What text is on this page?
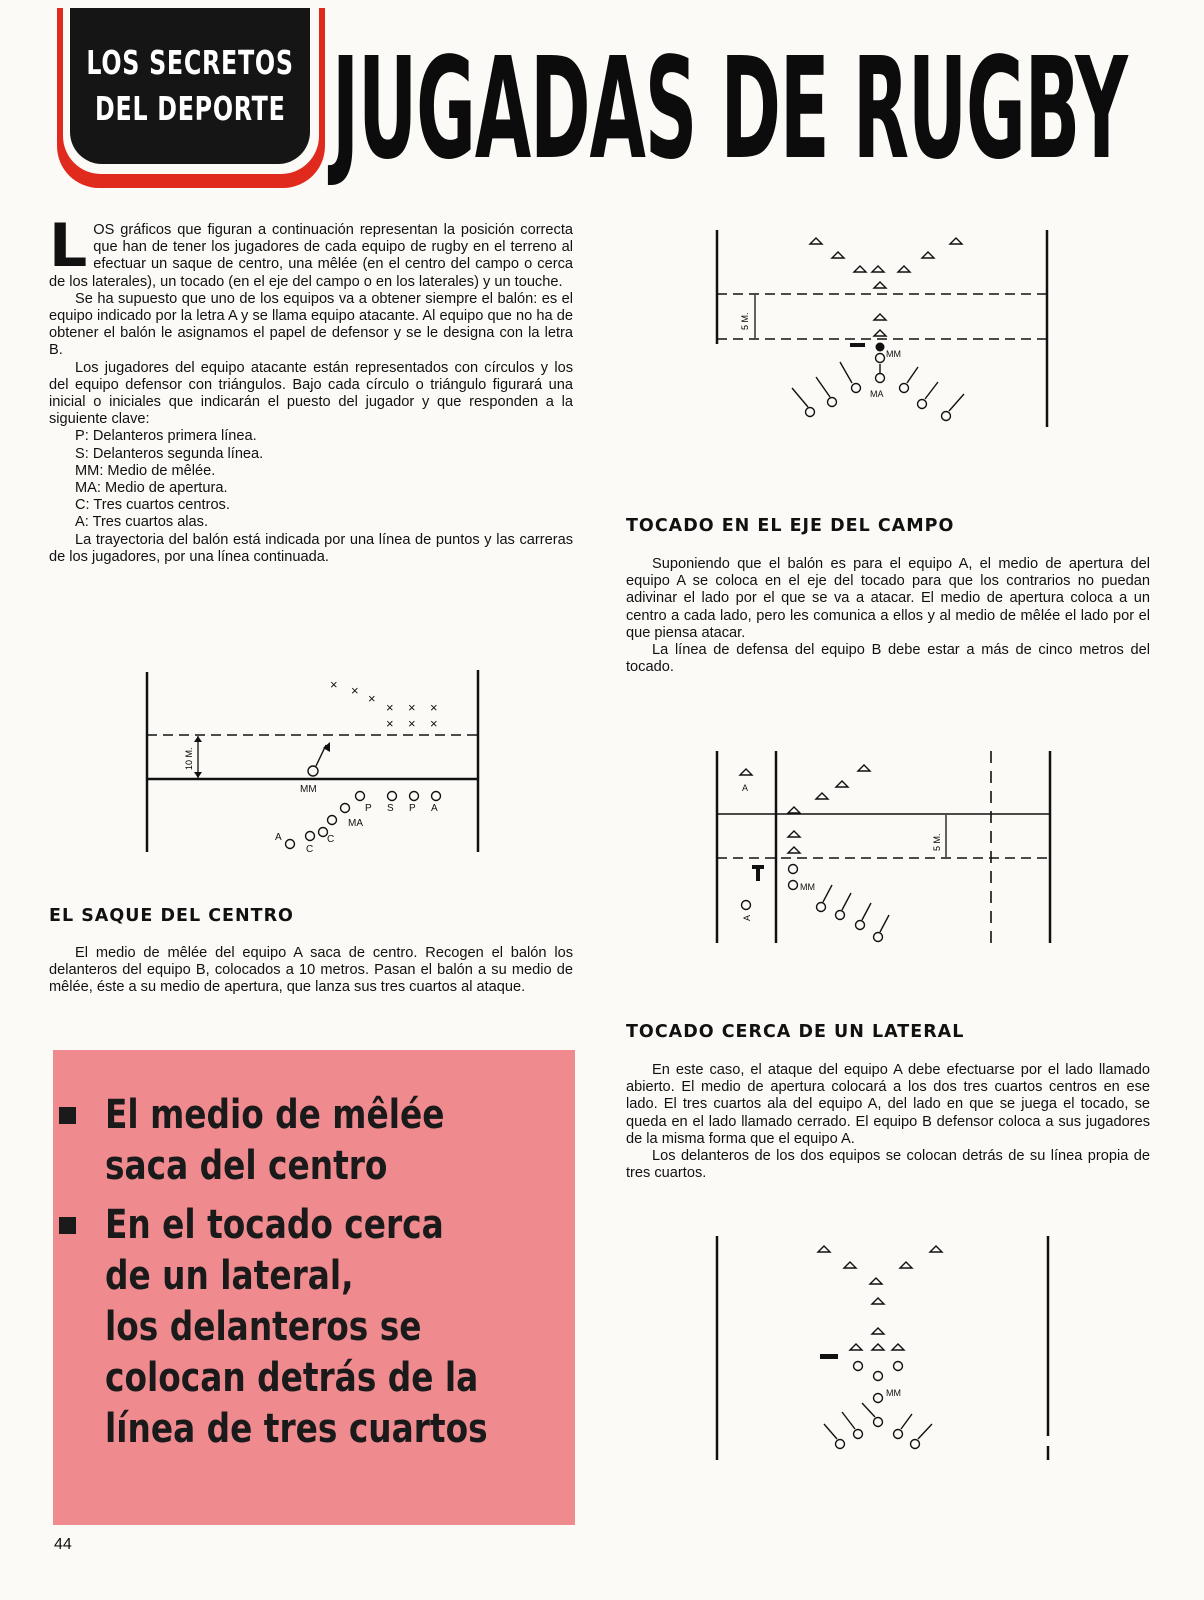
LOS SECRETOS
DEL DEPORTE JUGADAS DE RUGBY
L OS gráficos que figuran a continuación representan la posición correcta que han de tener los jugadores de cada equipo de rugby en el terreno al efectuar un saque de centro, una mêlée (en el centro del campo o cerca de los laterales), un tocado (en el eje del campo o en los laterales) y un touche.

Se ha supuesto que uno de los equipos va a obtener siempre el balón: es el equipo indicado por la letra A y se llama equipo atacante. Al equipo que no ha de obtener el balón le asignamos el papel de defensor y se le designa con la letra B.

Los jugadores del equipo atacante están representados con círculos y los del equipo defensor con triángulos. Bajo cada círculo o triángulo figurará una inicial o iniciales que indicarán el puesto del jugador y que responden a la siguiente clave:

P: Delanteros primera línea.

S: Delanteros segunda línea.

MM: Medio de mêlée.

MA: Medio de apertura.

C: Tres cuartos centros.

A: Tres cuartos alas.

La trayectoria del balón está indicada por una línea de puntos y las carreras de los jugadores, por una línea continuada.

10 M.
× ×
×
× × ×
× × ×
MM
P S P A
MA
A
C
C
EL SAQUE DEL CENTRO

El medio de mêlée del equipo A saca de centro. Recogen el balón los delanteros del equipo B, colocados a 10 metros. Pasan el balón a su medio de mêlée, éste a su medio de apertura, que lanza sus tres cuartos al ataque.

El medio de mêlée
saca del centro
En el tocado cerca
de un lateral,
los delanteros se
colocan detrás de la
línea de tres cuartos
44
5 M.
MM
MA
TOCADO EN EL EJE DEL CAMPO

Suponiendo que el balón es para el equipo A, el medio de apertura del equipo A se coloca en el eje del tocado para que los contrarios no puedan adivinar el lado por el que se va a atacar. El medio de apertura coloca a un centro a cada lado, pero les comunica a ellos y al medio de mêlée el lado por el que piensa atacar.

La línea de defensa del equipo B debe estar a más de cinco metros del tocado.

5 M.
A
A
MM
TOCADO CERCA DE UN LATERAL

En este caso, el ataque del equipo A debe efectuarse por el lado llamado abierto. El medio de apertura colocará a los dos tres cuartos centros en ese lado. El tres cuartos ala del equipo A, del lado en que se juega el tocado, se queda en el lado llamado cerrado. El equipo B defensor coloca a sus jugadores de la misma forma que el equipo A.

Los delanteros de los dos equipos se colocan detrás de su línea propia de tres cuartos.

MM
